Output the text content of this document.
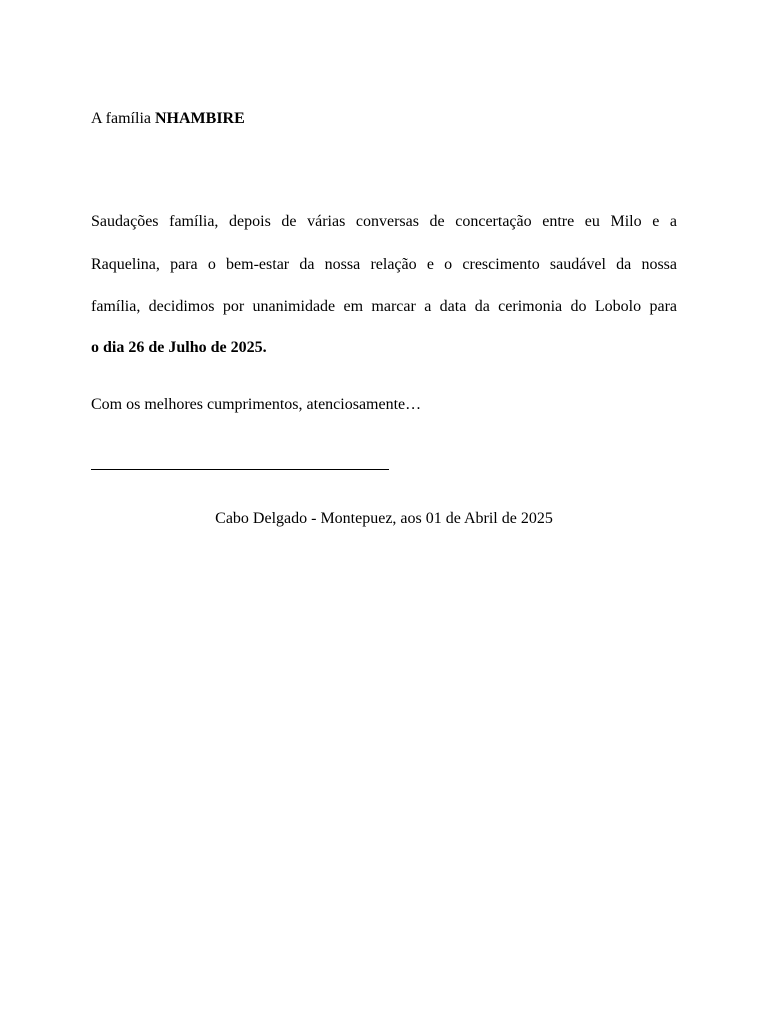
A família NHAMBIRE

Saudações família, depois de várias conversas de concertação entre eu Milo e a

Raquelina, para o bem-estar da nossa relação e o crescimento saudável da nossa

família, decidimos por unanimidade em marcar a data da cerimonia do Lobolo para

o dia 26 de Julho de 2025.

Com os melhores cumprimentos, atenciosamente…

Cabo Delgado - Montepuez, aos 01 de Abril de 2025
